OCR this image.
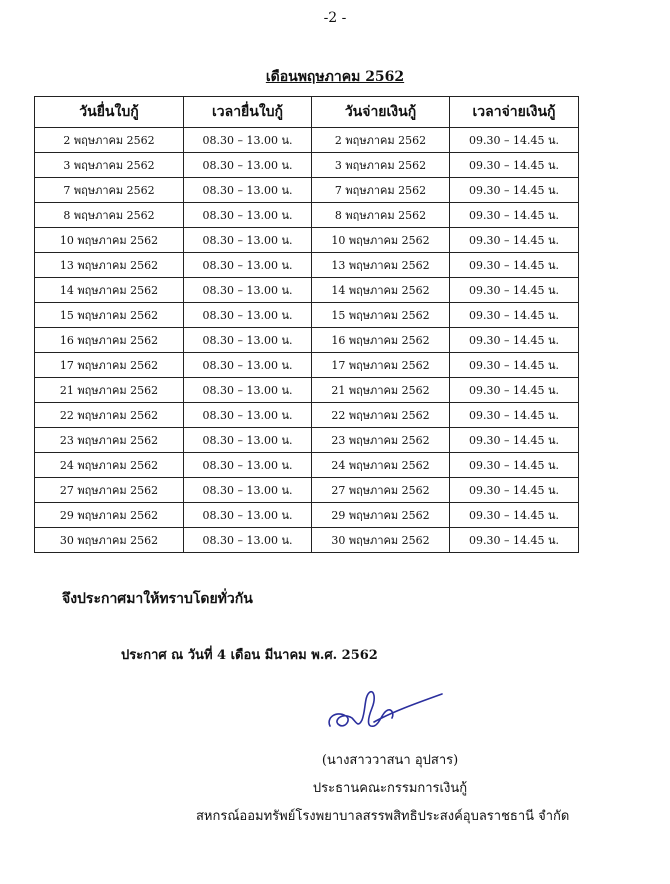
-2 -
เดือนพฤษภาคม 2562
วันยื่นใบกู้	เวลายื่นใบกู้	วันจ่ายเงินกู้	เวลาจ่ายเงินกู้
2 พฤษภาคม 2562	08.30 – 13.00 น.	2 พฤษภาคม 2562	09.30 – 14.45 น.
3 พฤษภาคม 2562	08.30 – 13.00 น.	3 พฤษภาคม 2562	09.30 – 14.45 น.
7 พฤษภาคม 2562	08.30 – 13.00 น.	7 พฤษภาคม 2562	09.30 – 14.45 น.
8 พฤษภาคม 2562	08.30 – 13.00 น.	8 พฤษภาคม 2562	09.30 – 14.45 น.
10 พฤษภาคม 2562	08.30 – 13.00 น.	10 พฤษภาคม 2562	09.30 – 14.45 น.
13 พฤษภาคม 2562	08.30 – 13.00 น.	13 พฤษภาคม 2562	09.30 – 14.45 น.
14 พฤษภาคม 2562	08.30 – 13.00 น.	14 พฤษภาคม 2562	09.30 – 14.45 น.
15 พฤษภาคม 2562	08.30 – 13.00 น.	15 พฤษภาคม 2562	09.30 – 14.45 น.
16 พฤษภาคม 2562	08.30 – 13.00 น.	16 พฤษภาคม 2562	09.30 – 14.45 น.
17 พฤษภาคม 2562	08.30 – 13.00 น.	17 พฤษภาคม 2562	09.30 – 14.45 น.
21 พฤษภาคม 2562	08.30 – 13.00 น.	21 พฤษภาคม 2562	09.30 – 14.45 น.
22 พฤษภาคม 2562	08.30 – 13.00 น.	22 พฤษภาคม 2562	09.30 – 14.45 น.
23 พฤษภาคม 2562	08.30 – 13.00 น.	23 พฤษภาคม 2562	09.30 – 14.45 น.
24 พฤษภาคม 2562	08.30 – 13.00 น.	24 พฤษภาคม 2562	09.30 – 14.45 น.
27 พฤษภาคม 2562	08.30 – 13.00 น.	27 พฤษภาคม 2562	09.30 – 14.45 น.
29 พฤษภาคม 2562	08.30 – 13.00 น.	29 พฤษภาคม 2562	09.30 – 14.45 น.
30 พฤษภาคม 2562	08.30 – 13.00 น.	30 พฤษภาคม 2562	09.30 – 14.45 น.
จึงประกาศมาให้ทราบโดยทั่วกัน
ประกาศ ณ วันที่ 4 เดือน มีนาคม พ.ศ. 2562
(นางสาววาสนา อุปสาร)
ประธานคณะกรรมการเงินกู้
สหกรณ์ออมทรัพย์โรงพยาบาลสรรพสิทธิประสงค์อุบลราชธานี จำกัด
